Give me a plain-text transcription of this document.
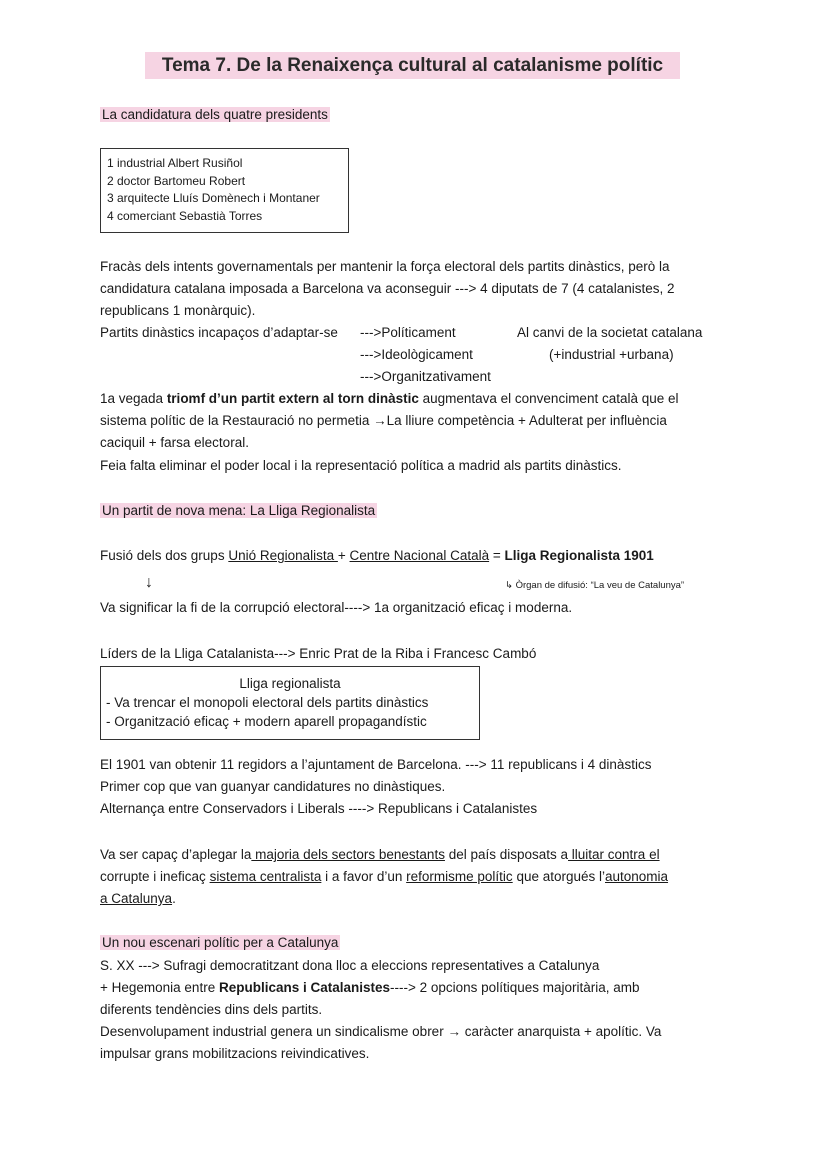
Tema 7. De la Renaixença cultural al catalanisme polític
La candidatura dels quatre presidents
1 industrial Albert Rusiñol
2 doctor Bartomeu Robert
3 arquitecte Lluís Domènech i Montaner
4 comerciant Sebastià Torres
Fracàs dels intents governamentals per mantenir la força electoral dels partits dinàstics, però la
candidatura catalana imposada a Barcelona va aconseguir ---> 4 diputats de 7 (4 catalanistes, 2
republicans 1 monàrquic).
Partits dinàstics incapaços d’adaptar-se --->Políticament
--->Ideològicament
--->Organitzativament
Al canvi de la societat catalana
(+industrial +urbana)
1a vegada triomf d’un partit extern al torn dinàstic augmentava el convenciment català que el
sistema polític de la Restauració no permetia →La lliure competència + Adulterat per influència
caciquil + farsa electoral.
Feia falta eliminar el poder local i la representació política a madrid als partits dinàstics.
Un partit de nova mena: La Lliga Regionalista
Fusió dels dos grups Unió Regionalista + Centre Nacional Català = Lliga Regionalista 1901
↓	↳ Òrgan de difusió: “La veu de Catalunya”
Va significar la fi de la corrupció electoral----> 1a organització eficaç i moderna.
Líders de la Lliga Catalanista---> Enric Prat de la Riba i Francesc Cambó
Lliga regionalista
- Va trencar el monopoli electoral dels partits dinàstics
- Organització eficaç + modern aparell propagandístic
El 1901 van obtenir 11 regidors a l’ajuntament de Barcelona. ---> 11 republicans i 4 dinàstics
Primer cop que van guanyar candidatures no dinàstiques.
Alternança entre Conservadors i Liberals ----> Republicans i Catalanistes
Va ser capaç d’aplegar la majoria dels sectors benestants del país disposats a lluitar contra el
corrupte i ineficaç sistema centralista i a favor d’un reformisme polític que atorgués l’autonomia
a Catalunya.
Un nou escenari polític per a Catalunya
S. XX ---> Sufragi democratitzant dona lloc a eleccions representatives a Catalunya
+ Hegemonia entre Republicans i Catalanistes----> 2 opcions polítiques majoritària, amb
diferents tendències dins dels partits.
Desenvolupament industrial genera un sindicalisme obrer → caràcter anarquista + apolític. Va
impulsar grans mobilitzacions reivindicatives.
